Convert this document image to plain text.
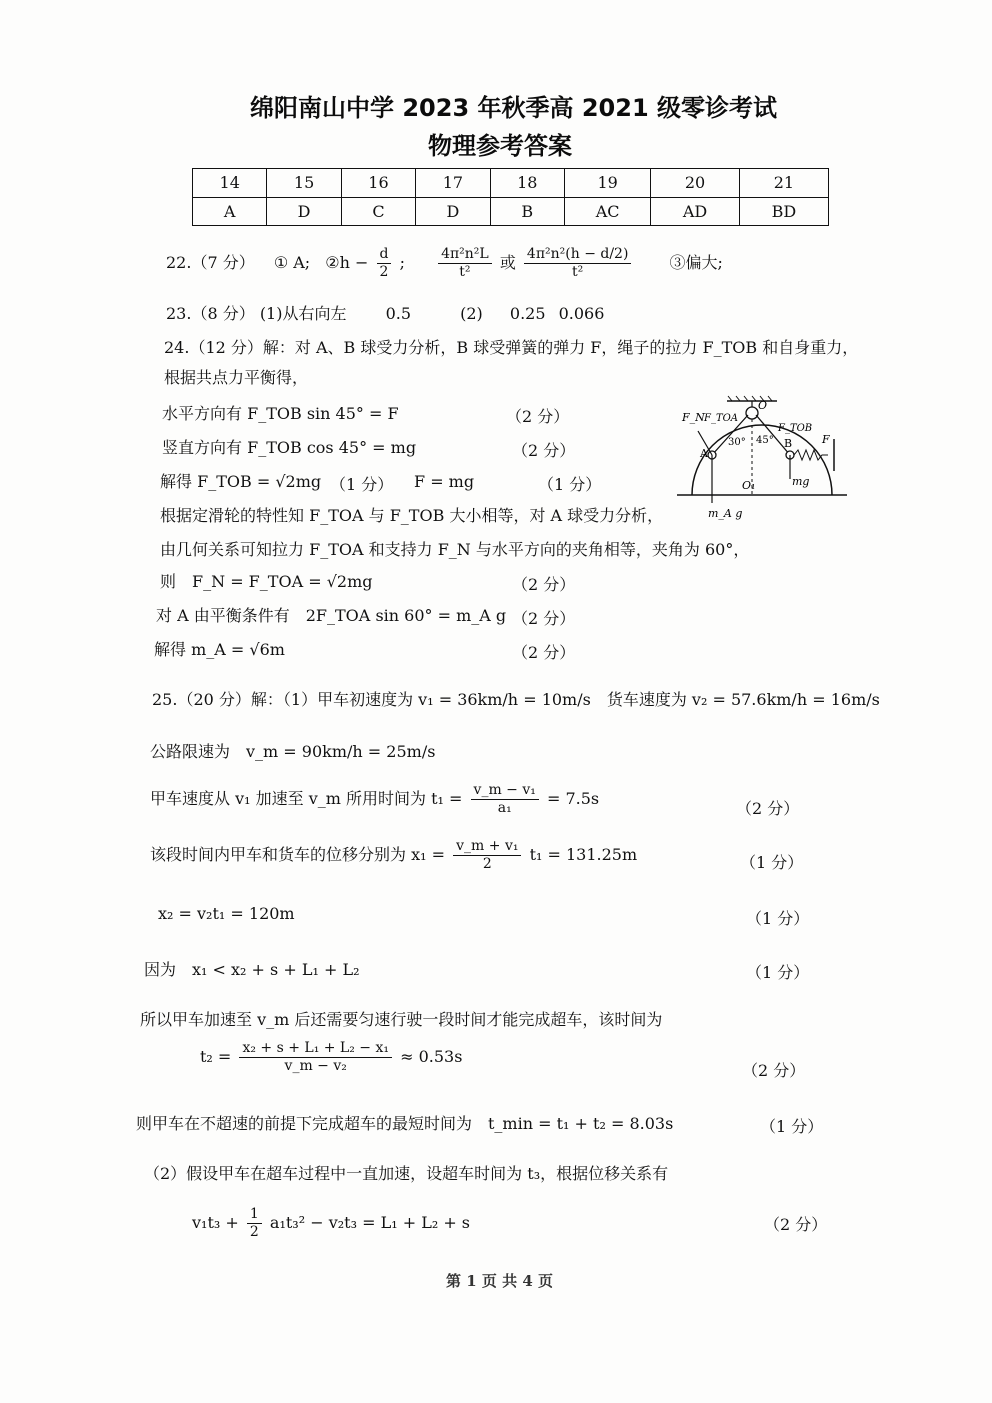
绵阳南山中学 2023 年秋季高 2021 级零诊考试
物理参考答案
14	15	16	17	18	19	20	21
A	D	C	D	B	AC	AD	BD
22.（7 分） ① A; ②h − $\frac{d}{2}$ ; $\frac{\text{4π²n²L}}{\text{t²}}$ 或 $\frac{\text{4π²n²(h − d/2)}}{\text{t²}}$ ③偏大;
23.（8 分） (1)从右向左 0.5	(2) 0.25 0.066
24.（12 分）解：对 A、B 球受力分析，B 球受弹簧的弹力 F，绳子的拉力 F_TOB 和自身重力，
根据共点力平衡得，
水平方向有 F_TOB sin 45° = F	（2 分）
竖直方向有 F_TOB cos 45° = mg	（2 分）
解得 F_TOB = √2mg （1 分） F = mg	（1 分）
根据定滑轮的特性知 F_TOA 与 F_TOB 大小相等，对 A 球受力分析，
由几何关系可知拉力 F_TOA 和支持力 F_N 与水平方向的夹角相等，夹角为 60°，
则　F_N = F_TOA = √2mg	（2 分）
对 A 由平衡条件有　2F_TOA sin 60° = m_A g （2 分）
解得 m_A = √6m	（2 分）
F_N F_TOA
O
F_TOB
30° 45° B	F
A
O₁	mg
m_A g
25.（20 分）解：（1）甲车初速度为 v₁ = 36km/h = 10m/s　货车速度为 v₂ = 57.6km/h = 16m/s
公路限速为　v_m = 90km/h = 25m/s
甲车速度从 v₁ 加速至 v_m 所用时间为 $t_1 = \frac{\text{v\_m − v₁}}{\text{a₁}} = 7.5s$
（2 分）
该段时间内甲车和货车的位移分别为 $x_1 = \frac{\text{v\_m + v₁}}{2} t_1 = 131.25m$	（1 分）
x₂ = v₂t₁ = 120m	（1 分）
因为　x₁ < x₂ + s + L₁ + L₂	（1 分）
所以甲车加速至 v_m 后还需要匀速行驶一段时间才能完成超车，该时间为
$t_2 = \frac{\text{x₂ + s + L₁ + L₂ − x₁}}{\text{v\_m − v₂}} \approx 0.53s$
（2 分）
则甲车在不超速的前提下完成超车的最短时间为　t_min = t₁ + t₂ = 8.03s	（1 分）
（2）假设甲车在超车过程中一直加速，设超车时间为 t₃，根据位移关系有
$v_1t_3 + \frac{1}{2} a_1t_3^2 - v_2t_3 = L_1 + L_2 + s$	（2 分）
第 1 页 共 4 页
